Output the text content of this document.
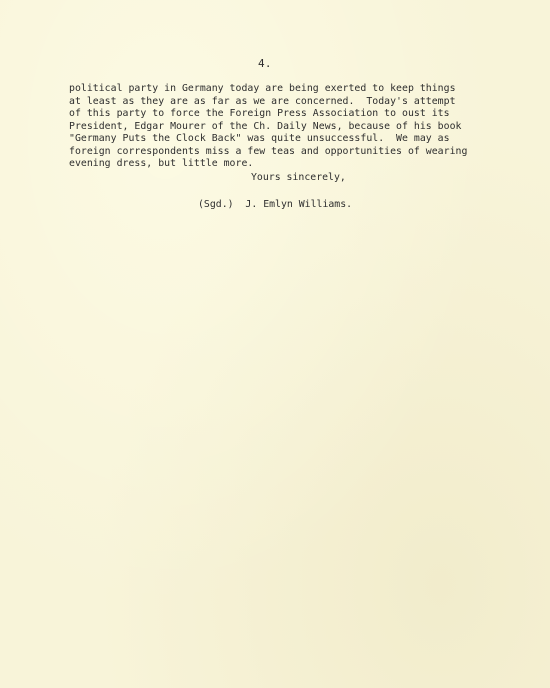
4.

political party in Germany today are being exerted to keep things
at least as they are as far as we are concerned.  Today's attempt
of this party to force the Foreign Press Association to oust its
President, Edgar Mourer of the Ch. Daily News, because of his book
"Germany Puts the Clock Back" was quite unsuccessful.  We may as
foreign correspondents miss a few teas and opportunities of wearing
evening dress, but little more.

Yours sincerely,

(Sgd.)  J. Emlyn Williams.
